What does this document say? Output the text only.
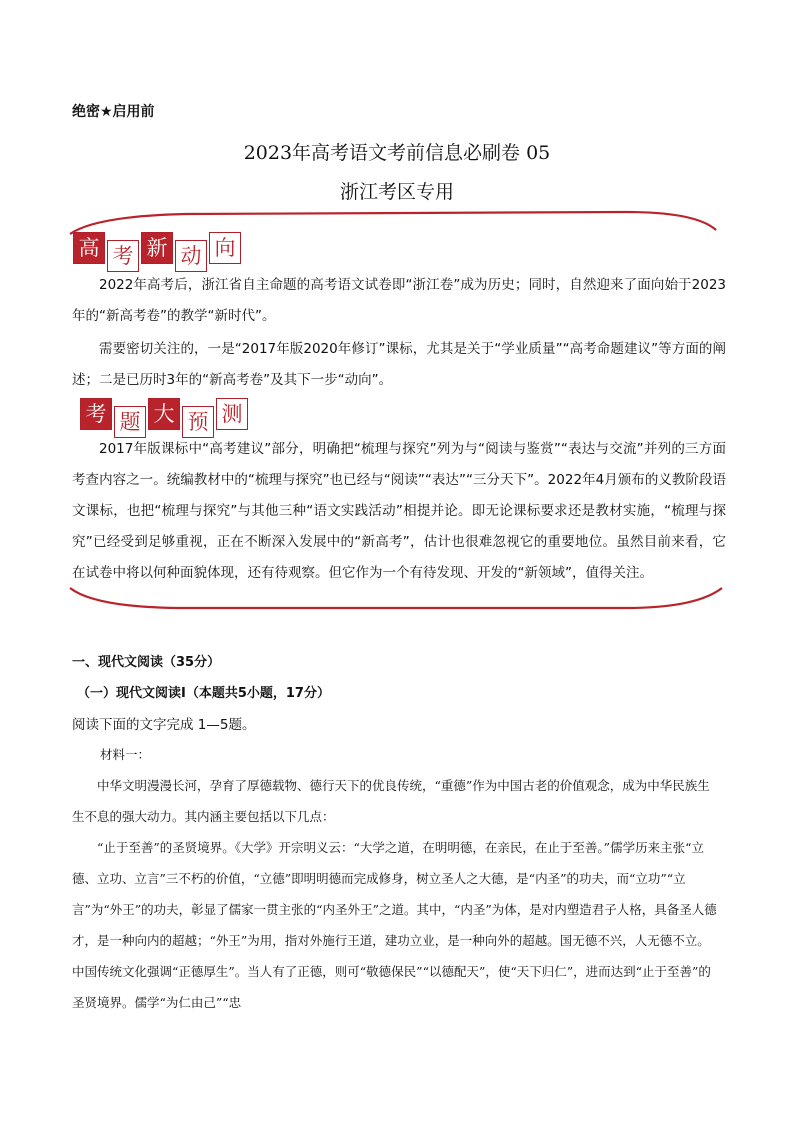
绝密★启用前
2023年高考语文考前信息必刷卷 05
浙江考区专用
高 考 新 动 向
2022年高考后，浙江省自主命题的高考语文试卷即“浙江卷”成为历史；同时，自然迎来了面向始于2023年的“新高考卷”的教学“新时代”。
需要密切关注的，一是“2017年版2020年修订”课标，尤其是关于“学业质量”“高考命题建议”等方面的阐述；二是已历时3年的“新高考卷”及其下一步“动向”。
考 题 大 预 测
2017年版课标中“高考建议”部分，明确把“梳理与探究”列为与“阅读与鉴赏”“表达与交流”并列的三方面考查内容之一。统编教材中的“梳理与探究”也已经与“阅读”“表达”“三分天下”。2022年4月颁布的义教阶段语文课标，也把“梳理与探究”与其他三种“语文实践活动”相提并论。即无论课标要求还是教材实施，“梳理与探究”已经受到足够重视，正在不断深入发展中的“新高考”，估计也很难忽视它的重要地位。虽然目前来看，它在试卷中将以何种面貌体现，还有待观察。但它作为一个有待发现、开发的“新领域”，值得关注。
一、现代文阅读（35分）
（一）现代文阅读Ⅰ（本题共5小题，17分）
阅读下面的文字完成 1—5题。
材料一：
中华文明漫漫长河，孕育了厚德载物、德行天下的优良传统，“重德”作为中国古老的价值观念，成为中华民族生生不息的强大动力。其内涵主要包括以下几点：
“止于至善”的圣贤境界。《大学》开宗明义云：“大学之道，在明明德，在亲民，在止于至善。”儒学历来主张“立德、立功、立言”三不朽的价值，“立德”即明明德而完成修身，树立圣人之大德，是“内圣”的功夫，而“立功”“立言”为“外王”的功夫，彰显了儒家一贯主张的“内圣外王”之道。其中，“内圣”为体，是对内塑造君子人格，具备圣人德才，是一种向内的超越；“外王”为用，指对外施行王道，建功立业，是一种向外的超越。国无德不兴，人无德不立。中国传统文化强调“正德厚生”。当人有了正德，则可“敬德保民”“以德配天”，使“天下归仁”，进而达到“止于至善”的圣贤境界。儒学“为仁由己”“忠
